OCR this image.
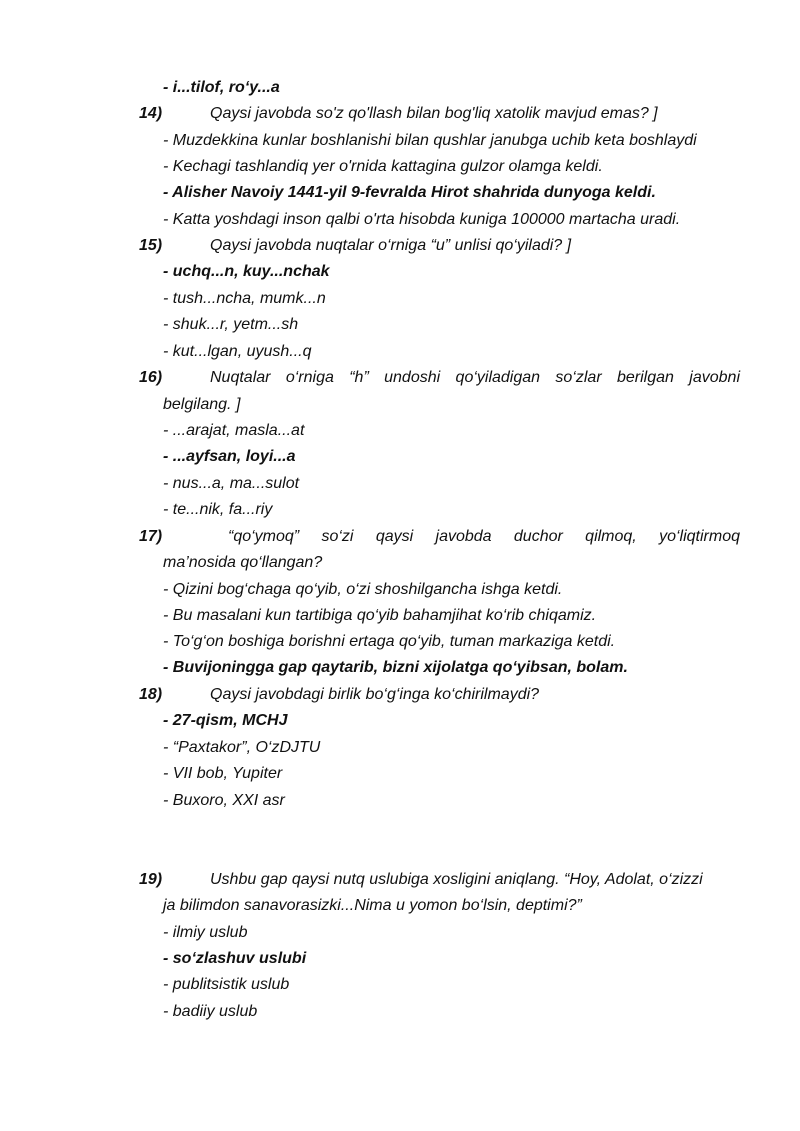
- i...tilof, ro‘y...a
14)	Qaysi javobda so'z qo'llash bilan bog'liq xatolik mavjud emas? ]
- Muzdekkina kunlar boshlanishi bilan qushlar janubga uchib keta boshlaydi
- Kechagi tashlandiq yer o'rnida kattagina gulzor olamga keldi.
- Alisher Navoiy 1441-yil 9-fevralda Hirot shahrida dunyoga keldi.
- Katta yoshdagi inson qalbi o'rta hisobda kuniga 100000 martacha uradi.
15)	Qaysi javobda nuqtalar o‘rniga “u” unlisi qo‘yiladi? ]
- uchq...n, kuy...nchak
- tush...ncha, mumk...n
- shuk...r, yetm...sh
- kut...lgan, uyush...q
16)	Nuqtalar o‘rniga “h” undoshi qo‘yiladigan so‘zlar berilgan javobni
belgilang. ]
- ...arajat, masla...at
- ...ayfsan, loyi...a
- nus...a, ma...sulot
- te...nik, fa...riy
17)	“qo‘ymoq” so‘zi qaysi javobda duchor qilmoq, yo‘liqtirmoq
ma’nosida qo‘llangan?
- Qizini bog‘chaga qo‘yib, o‘zi shoshilgancha ishga ketdi.
- Bu masalani kun tartibiga qo‘yib bahamjihat ko‘rib chiqamiz.
- To‘g‘on boshiga borishni ertaga qo‘yib, tuman markaziga ketdi.
- Buvijoningga gap qaytarib, bizni xijolatga qo‘yibsan, bolam.
18)	Qaysi javobdagi birlik bo‘g‘inga ko‘chirilmaydi?
- 27-qism, MCHJ
- “Paxtakor”, O‘zDJTU
- VII bob, Yupiter
- Buxoro, XXI asr
19)	Ushbu gap qaysi nutq uslubiga xosligini aniqlang. “Hoy, Adolat, o‘zizzi
ja bilimdon sanavorasizki...Nima u yomon bo‘lsin, deptimi?”
- ilmiy uslub
- so‘zlashuv uslubi
- publitsistik uslub
- badiiy uslub
